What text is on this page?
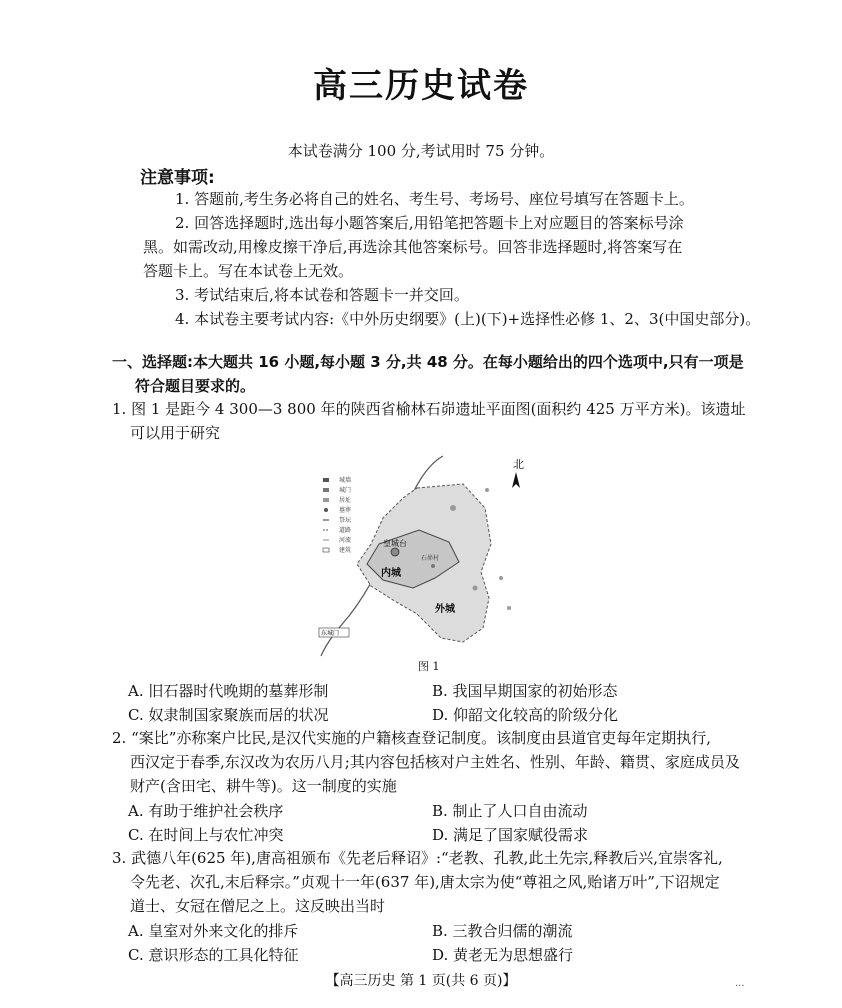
高三历史试卷
本试卷满分 100 分,考试用时 75 分钟。
注意事项:
1. 答题前,考生务必将自己的姓名、考生号、考场号、座位号填写在答题卡上。
2. 回答选择题时,选出每小题答案后,用铅笔把答题卡上对应题目的答案标号涂
黑。如需改动,用橡皮擦干净后,再选涂其他答案标号。回答非选择题时,将答案写在
答题卡上。写在本试卷上无效。
3. 考试结束后,将本试卷和答题卡一并交回。
4. 本试卷主要考试内容:《中外历史纲要》(上)(下)+选择性必修 1、2、3(中国史部分)。
一、选择题:本大题共 16 小题,每小题 3 分,共 48 分。在每小题给出的四个选项中,只有一项是
符合题目要求的。
1. 图 1 是距今 4 300—3 800 年的陕西省榆林石峁遗址平面图(面积约 425 万平方米)。该遗址
可以用于研究
北
城墙
城门
居址
墓葬
祭坛
道路
河流
建筑
皇城台
石峁村
内城
外城
东城门
图 1
A. 旧石器时代晚期的墓葬形制	B. 我国早期国家的初始形态
C. 奴隶制国家聚族而居的状况	D. 仰韶文化较高的阶级分化
2. “案比”亦称案户比民,是汉代实施的户籍核查登记制度。该制度由县道官吏每年定期执行,
西汉定于春季,东汉改为农历八月;其内容包括核对户主姓名、性别、年龄、籍贯、家庭成员及
财产(含田宅、耕牛等)。这一制度的实施
A. 有助于维护社会秩序	B. 制止了人口自由流动
C. 在时间上与农忙冲突	D. 满足了国家赋役需求
3. 武德八年(625 年),唐高祖颁布《先老后释诏》:“老教、孔教,此土先宗,释教后兴,宜崇客礼,
令先老、次孔,末后释宗。”贞观十一年(637 年),唐太宗为使“尊祖之风,贻诸万叶”,下诏规定
道士、女冠在僧尼之上。这反映出当时
A. 皇室对外来文化的排斥	B. 三教合归儒的潮流
C. 意识形态的工具化特征	D. 黄老无为思想盛行
【高三历史 第 1 页(共 6 页)】	...
